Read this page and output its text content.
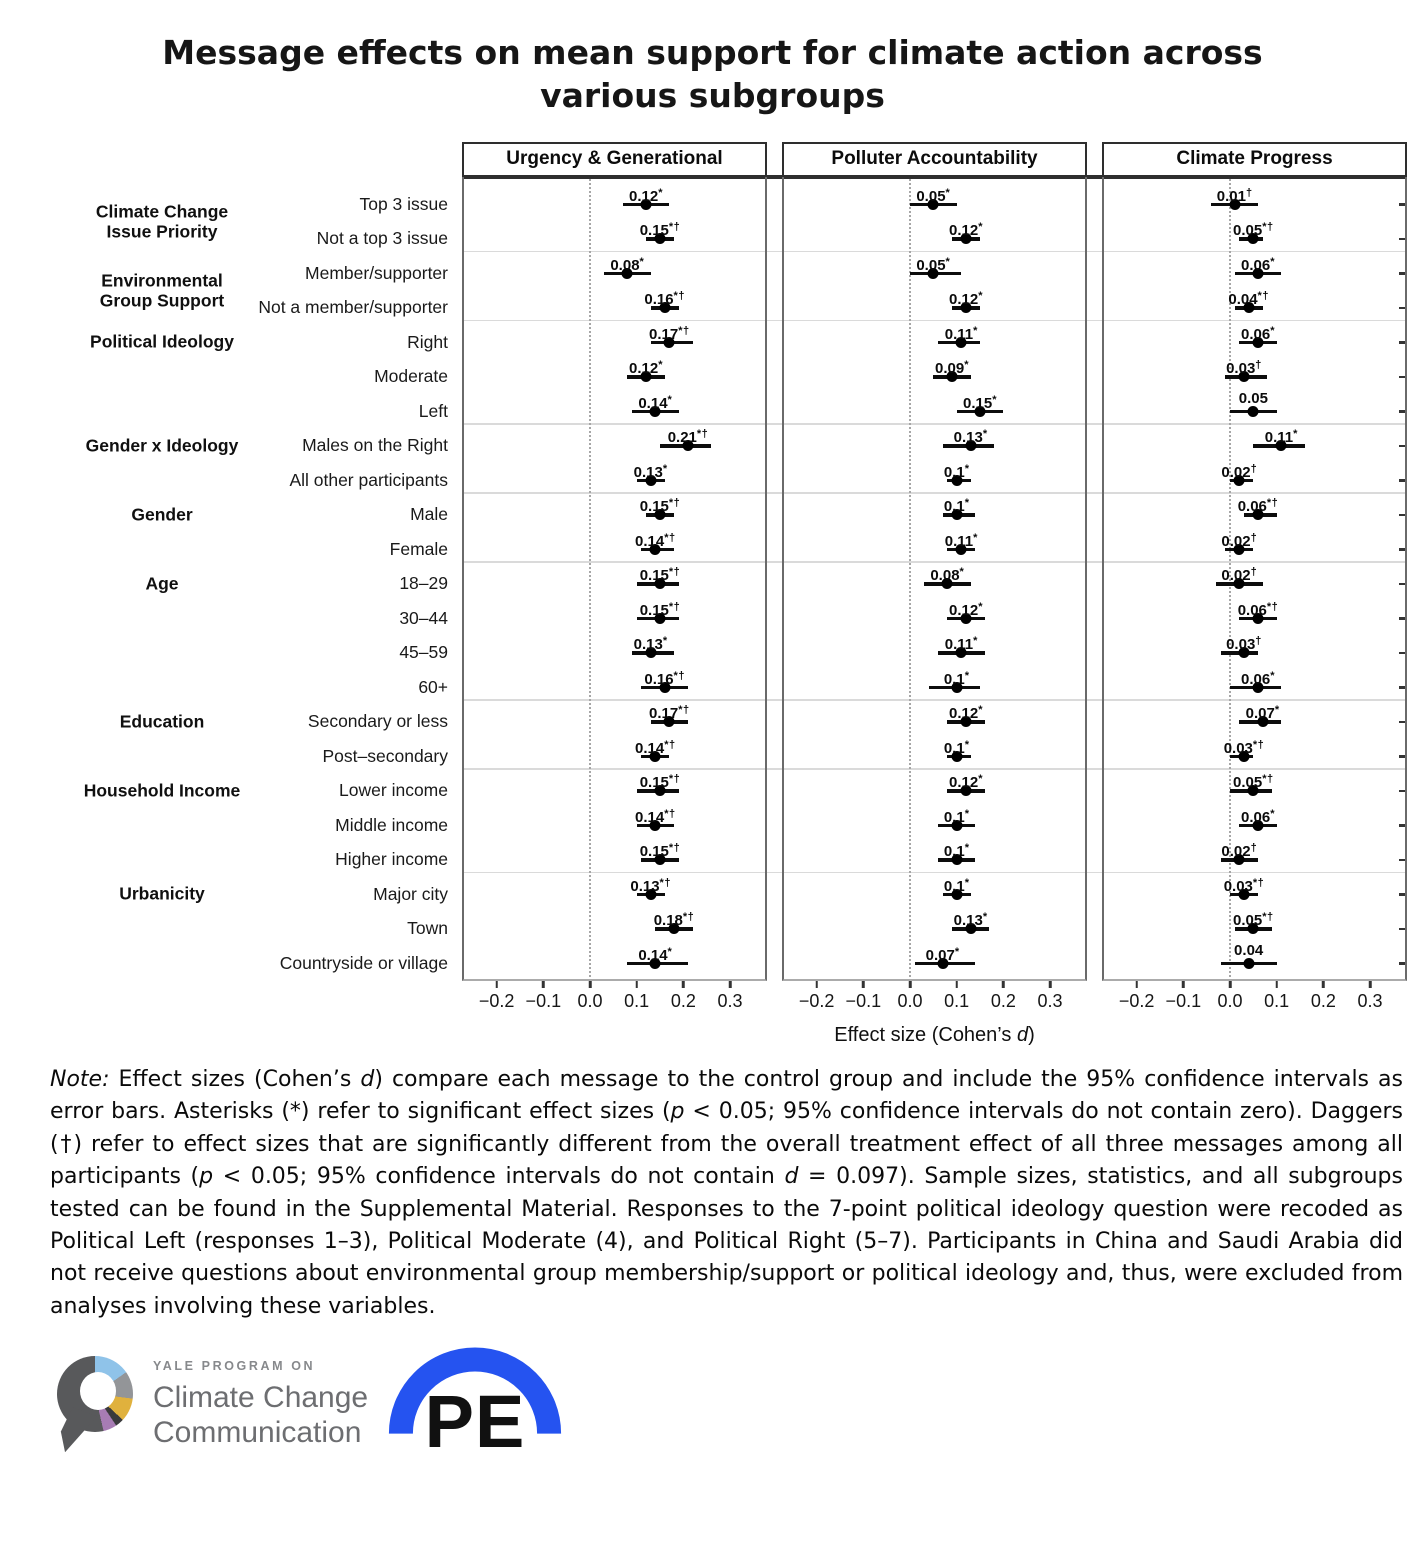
Message effects on mean support for climate action across
various subgroups
Climate Change
Issue Priority
Environmental
Group Support
Political Ideology
Gender x Ideology
Gender
Age
Education
Household Income
Urbanicity
Top 3 issue
Not a top 3 issue
Member/supporter
Not a member/supporter
Right
Moderate
Left
Males on the Right
All other participants
Male
Female
18–29
30–44
45–59
60+
Secondary or less
Post–secondary
Lower income
Middle income
Higher income
Major city
Town
Countryside or village
Urgency & Generational
0.12*
0.15*†
0.08*
0.16*†
0.17*†
0.12*
0.14*
0.21*†
0.13*
0.15*†
0.14*†
0.15*†
0.15*†
0.13*
0.16*†
0.17*†
0.14*†
0.15*†
0.14*†
0.15*†
0.13*†
0.18*†
0.14*
−0.2 −0.1 0.0 0.1 0.2 0.3
Polluter Accountability
0.05*
0.12*
0.05*
0.12*
0.11*
0.09*
0.15*
0.13*
0.1*
0.1*
0.11*
0.08*
0.12*
0.11*
0.1*
0.12*
0.1*
0.12*
0.1*
0.1*
0.1*
0.13*
0.07*
−0.2 −0.1 0.0 0.1 0.2 0.3
Climate Progress
0.01†
0.05*†
0.06*
0.04*†
0.06*
0.03†
0.05
0.11*
0.02†
0.06*†
0.02†
0.02†
0.06*†
0.03†
0.06*
0.07*
0.03*†
0.05*†
0.06*
0.02†
0.03*†
0.05*†
0.04
−0.2 −0.1 0.0 0.1 0.2 0.3
Effect size (Cohen’s d)

Note: Effect sizes (Cohen’s d) compare each message to the control group and include the 95% confidence intervals as error bars. Asterisks (*) refer to significant effect sizes (p < 0.05; 95% confidence intervals do not contain zero). Daggers (†) refer to effect sizes that are significantly different from the overall treatment effect of all three messages among all participants (p < 0.05; 95% confidence intervals do not contain d = 0.097). Sample sizes, statistics, and all subgroups tested can be found in the Supplemental Material. Responses to the 7-point political ideology question were recoded as Political Left (responses 1–3), Political Moderate (4), and Political Right (5–7). Participants in China and Saudi Arabia did not receive questions about environmental group membership/support or political ideology and, thus, were excluded from analyses involving these variables.

YALE PROGRAM ON
Climate Change
Communication PE
